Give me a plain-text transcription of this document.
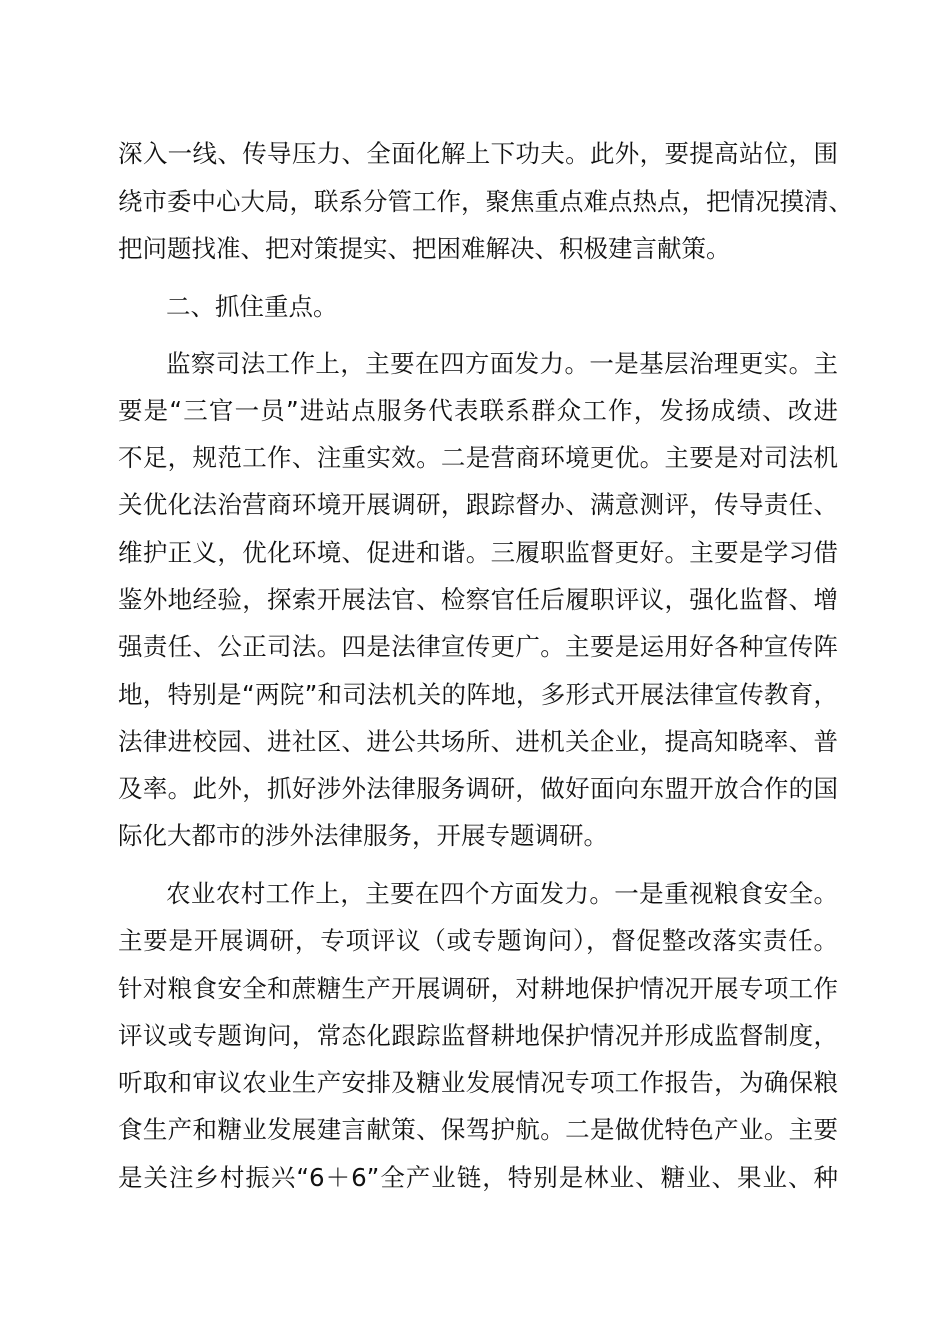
深入一线、传导压力、全面化解上下功夫。此外，要提高站位，围
绕市委中心大局，联系分管工作，聚焦重点难点热点，把情况摸清、
把问题找准、把对策提实、把困难解决、积极建言献策。
二、抓住重点。
监察司法工作上，主要在四方面发力。一是基层治理更实。主
要是“三官一员”进站点服务代表联系群众工作，发扬成绩、改进
不足，规范工作、注重实效。二是营商环境更优。主要是对司法机
关优化法治营商环境开展调研，跟踪督办、满意测评，传导责任、
维护正义，优化环境、促进和谐。三履职监督更好。主要是学习借
鉴外地经验，探索开展法官、检察官任后履职评议，强化监督、增
强责任、公正司法。四是法律宣传更广。主要是运用好各种宣传阵
地，特别是“两院”和司法机关的阵地，多形式开展法律宣传教育，
法律进校园、进社区、进公共场所、进机关企业，提高知晓率、普
及率。此外，抓好涉外法律服务调研，做好面向东盟开放合作的国
际化大都市的涉外法律服务，开展专题调研。
农业农村工作上，主要在四个方面发力。一是重视粮食安全。
主要是开展调研，专项评议（或专题询问），督促整改落实责任。
针对粮食安全和蔗糖生产开展调研，对耕地保护情况开展专项工作
评议或专题询问，常态化跟踪监督耕地保护情况并形成监督制度，
听取和审议农业生产安排及糖业发展情况专项工作报告，为确保粮
食生产和糖业发展建言献策、保驾护航。二是做优特色产业。主要
是关注乡村振兴“6＋6”全产业链，特别是林业、糖业、果业、种
